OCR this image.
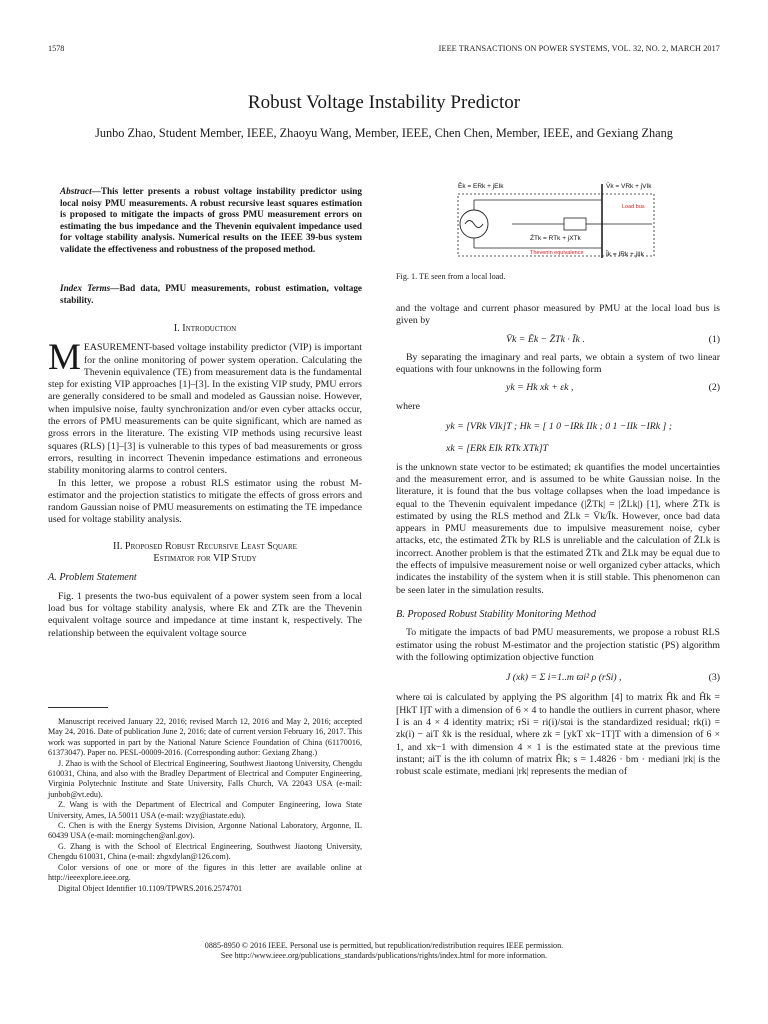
1578	IEEE TRANSACTIONS ON POWER SYSTEMS, VOL. 32, NO. 2, MARCH 2017
Robust Voltage Instability Predictor
Junbo Zhao, Student Member, IEEE, Zhaoyu Wang, Member, IEEE, Chen Chen, Member, IEEE, and Gexiang Zhang
Abstract—This letter presents a robust voltage instability predictor using local noisy PMU measurements. A robust recursive least squares estimation is proposed to mitigate the impacts of gross PMU measurement errors on estimating the bus impedance and the Thevenin equivalent impedance used for voltage stability analysis. Numerical results on the IEEE 39-bus system validate the effectiveness and robustness of the proposed method.
Index Terms—Bad data, PMU measurements, robust estimation, voltage stability.
I. Introduction

MEASUREMENT-based voltage instability predictor (VIP) is important for the online monitoring of power system operation. Calculating the Thevenin equivalence (TE) from measurement data is the fundamental step for existing VIP approaches [1]–[3]. In the existing VIP study, PMU errors are generally considered to be small and modeled as Gaussian noise. However, when impulsive noise, faulty synchronization and/or even cyber attacks occur, the errors of PMU measurements can be quite significant, which are named as gross errors in the literature. The existing VIP methods using recursive least squares (RLS) [1]–[3] is vulnerable to this types of bad measurements or gross errors, resulting in incorrect Thevenin impedance estimations and erroneous stability monitoring alarms to control centers.

In this letter, we propose a robust RLS estimator using the robust M-estimator and the projection statistics to mitigate the effects of gross errors and random Gaussian noise of PMU measurements on estimating the TE impedance used for voltage stability analysis.

II. Proposed Robust Recursive Least Square
Estimator for VIP Study
A. Problem Statement

Fig. 1 presents the two-bus equivalent of a power system seen from a local load bus for voltage stability analysis, where Ek and ZTk are the Thevenin equivalent voltage source and impedance at time instant k, respectively. The relationship between the equivalent voltage source

Manuscript received January 22, 2016; revised March 12, 2016 and May 2, 2016; accepted May 24, 2016. Date of publication June 2, 2016; date of current version February 16, 2017. This work was supported in part by the National Nature Science Foundation of China (61170016, 61373047). Paper no. PESL-00009-2016. (Corresponding author: Gexiang Zhang.)

J. Zhao is with the School of Electrical Engineering, Southwest Jiaotong University, Chengdu 610031, China, and also with the Bradley Department of Electrical and Computer Engineering, Virginia Polytechnic Institute and State University, Falls Church, VA 22043 USA (e-mail: junbob@vt.edu).

Z. Wang is with the Department of Electrical and Computer Engineering, Iowa State University, Ames, IA 50011 USA (e-mail: wzy@iastate.edu).

C. Chen is with the Energy Systems Division, Argonne National Laboratory, Argonne, IL 60439 USA (e-mail: morningchen@anl.gov).

G. Zhang is with the School of Electrical Engineering, Southwest Jiaotong University, Chengdu 610031, China (e-mail: zhgxdylan@126.com).

Color versions of one or more of the figures in this letter are available online at http://ieeexplore.ieee.org.

Digital Object Identifier 10.1109/TPWRS.2016.2574701

Ēk = ERk + jEIk	V̄k = VRk + jVIk
Load bus
Z̄Tk = RTk + jXTk
Thevenin equivalence	Īk = IRk + jIIk
Fig. 1. TE seen from a local load.

and the voltage and current phasor measured by PMU at the local load bus is given by

V̄k = Ēk − Z̄Tk · Īk .	(1)

By separating the imaginary and real parts, we obtain a system of two linear equations with four unknowns in the following form

yk = Hk xk + εk ,	(2)

where

yk = [VRk VIk]T ; Hk = [ 1 0 −IRk IIk ; 0 1 −IIk −IRk ] ;
xk = [ERk EIk RTk XTk]T

is the unknown state vector to be estimated; εk quantifies the model uncertainties and the measurement error, and is assumed to be white Gaussian noise. In the literature, it is found that the bus voltage collapses when the load impedance is equal to the Thevenin equivalent impedance (|Z̄Tk| = |Z̄Lk|) [1], where Z̄Tk is estimated by using the RLS method and Z̄Lk = V̄k/Īk. However, once bad data appears in PMU measurements due to impulsive measurement noise, cyber attacks, etc, the estimated Z̄Tk by RLS is unreliable and the calculation of Z̄Lk is incorrect. Another problem is that the estimated Z̄Tk and Z̄Lk may be equal due to the effects of impulsive measurement noise or well organized cyber attacks, which indicates the instability of the system when it is still stable. This phenomenon can be seen later in the simulation results.

B. Proposed Robust Stability Monitoring Method

To mitigate the impacts of bad PMU measurements, we propose a robust RLS estimator using the robust M-estimator and the projection statistic (PS) algorithm with the following optimization objective function

J (xk) = Σ i=1..m ϖi² ρ (rSi) ,	(3)

where ϖi is calculated by applying the PS algorithm [4] to matrix Ĥk and Ĥk = [HkT I]T with a dimension of 6 × 4 to handle the outliers in current phasor, where I is an 4 × 4 identity matrix; rSi = ri(i)/sϖi is the standardized residual; rk(i) = zk(i) − aiT x̂k is the residual, where zk = [ykT xk−1T]T with a dimension of 6 × 1, and xk−1 with dimension 4 × 1 is the estimated state at the previous time instant; aiT is the ith column of matrix Ĥk; s = 1.4826 · bm · mediani |rk| is the robust scale estimate, mediani |rk| represents the median of

0885-8950 © 2016 IEEE. Personal use is permitted, but republication/redistribution requires IEEE permission.
See http://www.ieee.org/publications_standards/publications/rights/index.html for more information.
